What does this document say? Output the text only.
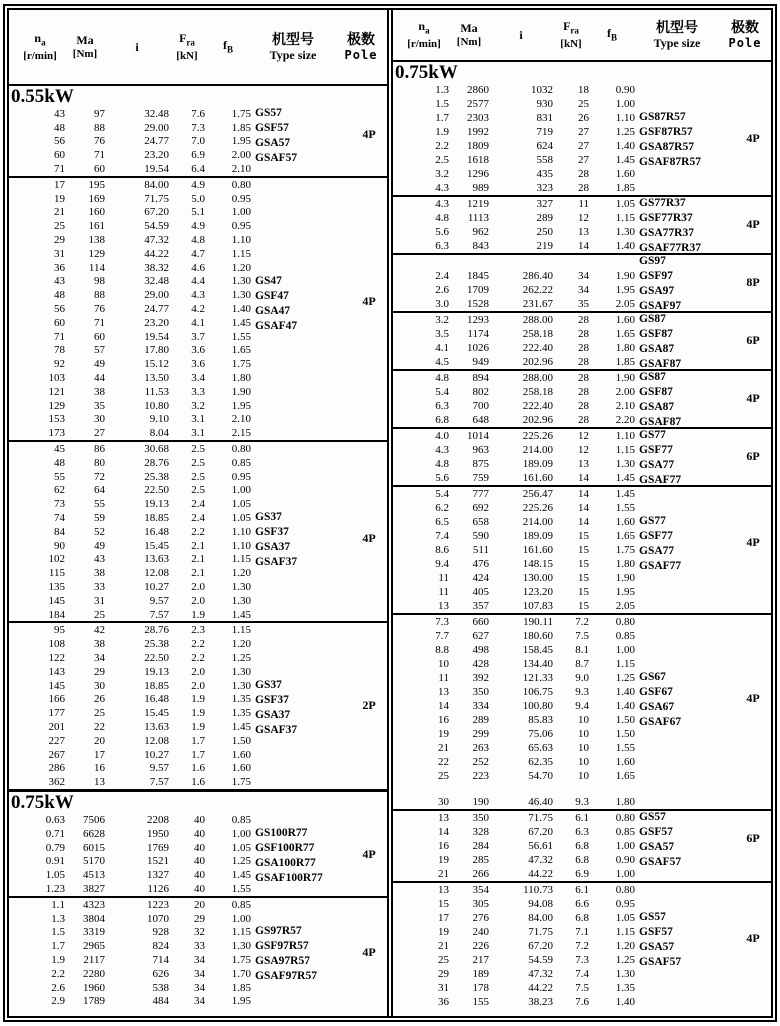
$n_a$
[r/min]
Ma
[Nm]	i
$F_{ra}$
[kN]
$f_B$
机型号
Type size
极数
Pole
0.55kW
43	97	32.48	7.6	1.75
48	88	29.00	7.3	1.85
56	76	24.77	7.0	1.95
60	71	23.20	6.9	2.00
71	60	19.54	6.4	2.10
GS57
GSF57
GSA57
GSAF57
4P
17	195	84.00	4.9	0.80
19	169	71.75	5.0	0.95
21	160	67.20	5.1	1.00
25	161	54.59	4.9	0.95
29	138	47.32	4.8	1.10
31	129	44.22	4.7	1.15
36	114	38.32	4.6	1.20
43	98	32.48	4.4	1.30
48	88	29.00	4.3	1.30
56	76	24.77	4.2	1.40
60	71	23.20	4.1	1.45
71	60	19.54	3.7	1.55
78	57	17.80	3.6	1.65
92	49	15.12	3.6	1.75
103	44	13.50	3.4	1.80
121	38	11.53	3.3	1.90
129	35	10.80	3.2	1.95
153	30	9.10	3.1	2.10
173	27	8.04	3.1	2.15
GS47
GSF47
GSA47
GSAF47
4P
45	86	30.68	2.5	0.80
48	80	28.76	2.5	0.85
55	72	25.38	2.5	0.95
62	64	22.50	2.5	1.00
73	55	19.13	2.4	1.05
74	59	18.85	2.4	1.05
84	52	16.48	2.2	1.10
90	49	15.45	2.1	1.10
102	43	13.63	2.1	1.15
115	38	12.08	2.1	1.20
135	33	10.27	2.0	1.30
145	31	9.57	2.0	1.30
184	25	7.57	1.9	1.45
GS37
GSF37
GSA37
GSAF37
4P
95	42	28.76	2.3	1.15
108	38	25.38	2.2	1.20
122	34	22.50	2.2	1.25
143	29	19.13	2.0	1.30
145	30	18.85	2.0	1.30
166	26	16.48	1.9	1.35
177	25	15.45	1.9	1.35
201	22	13.63	1.9	1.45
227	20	12.08	1.7	1.50
267	17	10.27	1.7	1.60
286	16	9.57	1.6	1.60
362	13	7.57	1.6	1.75
GS37
GSF37
GSA37
GSAF37
2P
0.75kW
0.63	7506	2208	40	0.85
0.71	6628	1950	40	1.00
0.79	6015	1769	40	1.05
0.91	5170	1521	40	1.25
1.05	4513	1327	40	1.45
1.23	3827	1126	40	1.55
GS100R77
GSF100R77
GSA100R77
GSAF100R77
4P
1.1	4323	1223	20	0.85
1.3	3804	1070	29	1.00
1.5	3319	928	32	1.15
1.7	2965	824	33	1.30
1.9	2117	714	34	1.75
2.2	2280	626	34	1.70
2.6	1960	538	34	1.85
2.9	1789	484	34	1.95
GS97R57
GSF97R57
GSA97R57
GSAF97R57
4P
$n_a$
[r/min]
Ma
[Nm]	i
$F_{ra}$
[kN]
$f_B$
机型号
Type size
极数
Pole
0.75kW
1.3	2860	1032	18	0.90
1.5	2577	930	25	1.00
1.7	2303	831	26	1.10
1.9	1992	719	27	1.25
2.2	1809	624	27	1.40
2.5	1618	558	27	1.45
3.2	1296	435	28	1.60
4.3	989	323	28	1.85
GS87R57
GSF87R57
GSA87R57
GSAF87R57
4P
4.3	1219	327	11	1.05
4.8	1113	289	12	1.15
5.6	962	250	13	1.30
6.3	843	219	14	1.40
GS77R37
GSF77R37
GSA77R37
GSAF77R37
4P
2.4	1845	286.40	34	1.90
2.6	1709	262.22	34	1.95
3.0	1528	231.67	35	2.05
GS97
GSF97
GSA97
GSAF97
8P
3.2	1293	288.00	28	1.60
3.5	1174	258.18	28	1.65
4.1	1026	222.40	28	1.80
4.5	949	202.96	28	1.85
GS87
GSF87
GSA87
GSAF87
6P
4.8	894	288.00	28	1.90
5.4	802	258.18	28	2.00
6.3	700	222.40	28	2.10
6.8	648	202.96	28	2.20
GS87
GSF87
GSA87
GSAF87
4P
4.0	1014	225.26	12	1.10
4.3	963	214.00	12	1.15
4.8	875	189.09	13	1.30
5.6	759	161.60	14	1.45
GS77
GSF77
GSA77
GSAF77
6P
5.4	777	256.47	14	1.45
6.2	692	225.26	14	1.55
6.5	658	214.00	14	1.60
7.4	590	189.09	15	1.65
8.6	511	161.60	15	1.75
9.4	476	148.15	15	1.80
11	424	130.00	15	1.90
11	405	123.20	15	1.95
13	357	107.83	15	2.05
GS77
GSF77
GSA77
GSAF77
4P
7.3	660	190.11	7.2	0.80
7.7	627	180.60	7.5	0.85
8.8	498	158.45	8.1	1.00
10	428	134.40	8.7	1.15
11	392	121.33	9.0	1.25
13	350	106.75	9.3	1.40
14	334	100.80	9.4	1.40
16	289	85.83	10	1.50
19	299	75.06	10	1.50
21	263	65.63	10	1.55
22	252	62.35	10	1.60
25	223	54.70	10	1.65
30	190	46.40	9.3	1.80
GS67
GSF67
GSA67
GSAF67
4P
13	350	71.75	6.1	0.80
14	328	67.20	6.3	0.85
16	284	56.61	6.8	1.00
19	285	47.32	6.8	0.90
21	266	44.22	6.9	1.00
GS57
GSF57
GSA57
GSAF57
6P
13	354	110.73	6.1	0.80
15	305	94.08	6.6	0.95
17	276	84.00	6.8	1.05
19	240	71.75	7.1	1.15
21	226	67.20	7.2	1.20
25	217	54.59	7.3	1.25
29	189	47.32	7.4	1.30
31	178	44.22	7.5	1.35
36	155	38.23	7.6	1.40
GS57
GSF57
GSA57
GSAF57
4P
